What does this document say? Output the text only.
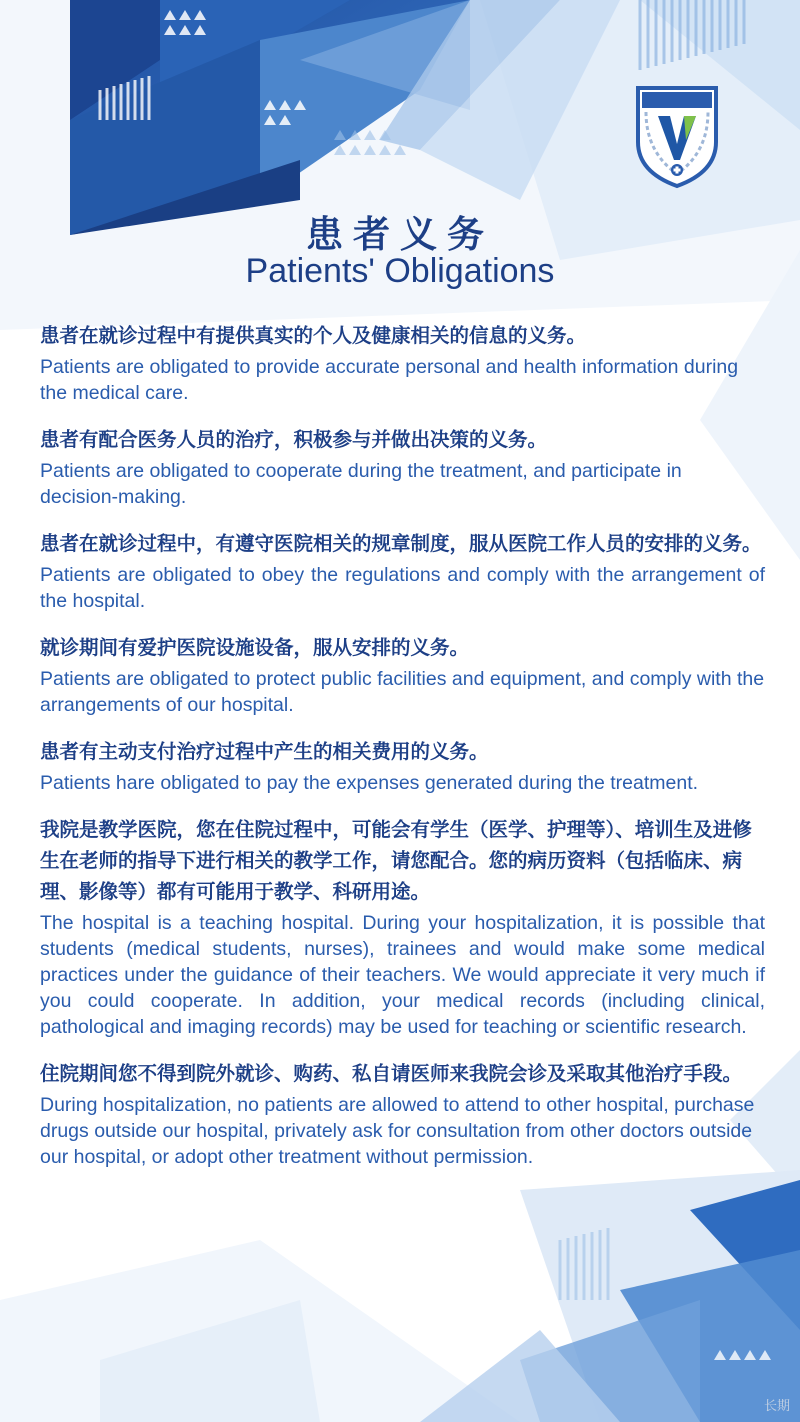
患者义务
Patients' Obligations
患者在就诊过程中有提供真实的个人及健康相关的信息的义务。
Patients are obligated to provide accurate personal and health information during the medical care.
患者有配合医务人员的治疗，积极参与并做出决策的义务。
Patients are obligated to cooperate during the treatment, and participate in decision-making.
患者在就诊过程中，有遵守医院相关的规章制度，服从医院工作人员的安排的义务。
Patients are obligated to obey the regulations and comply with the arrangement of the hospital.
就诊期间有爱护医院设施设备，服从安排的义务。
Patients are obligated to protect public facilities and equipment, and comply with the arrangements of our hospital.
患者有主动支付治疗过程中产生的相关费用的义务。
Patients hare obligated to pay the expenses generated during the treatment.
我院是教学医院，您在住院过程中，可能会有学生（医学、护理等）、培训生及进修生在老师的指导下进行相关的教学工作，请您配合。您的病历资料（包括临床、病理、影像等）都有可能用于教学、科研用途。
The hospital is a teaching hospital. During your hospitalization, it is possible that students (medical students, nurses), trainees and would make some medical practices under the guidance of their teachers. We would appreciate it very much if you could cooperate. In addition, your medical records (including clinical, pathological and imaging records) may be used for teaching or scientific research.
住院期间您不得到院外就诊、购药、私自请医师来我院会诊及采取其他治疗手段。
During hospitalization, no patients are allowed to attend to other hospital, purchase drugs outside our hospital, privately ask for consultation from other doctors outside our hospital, or adopt other treatment without permission.
长期
